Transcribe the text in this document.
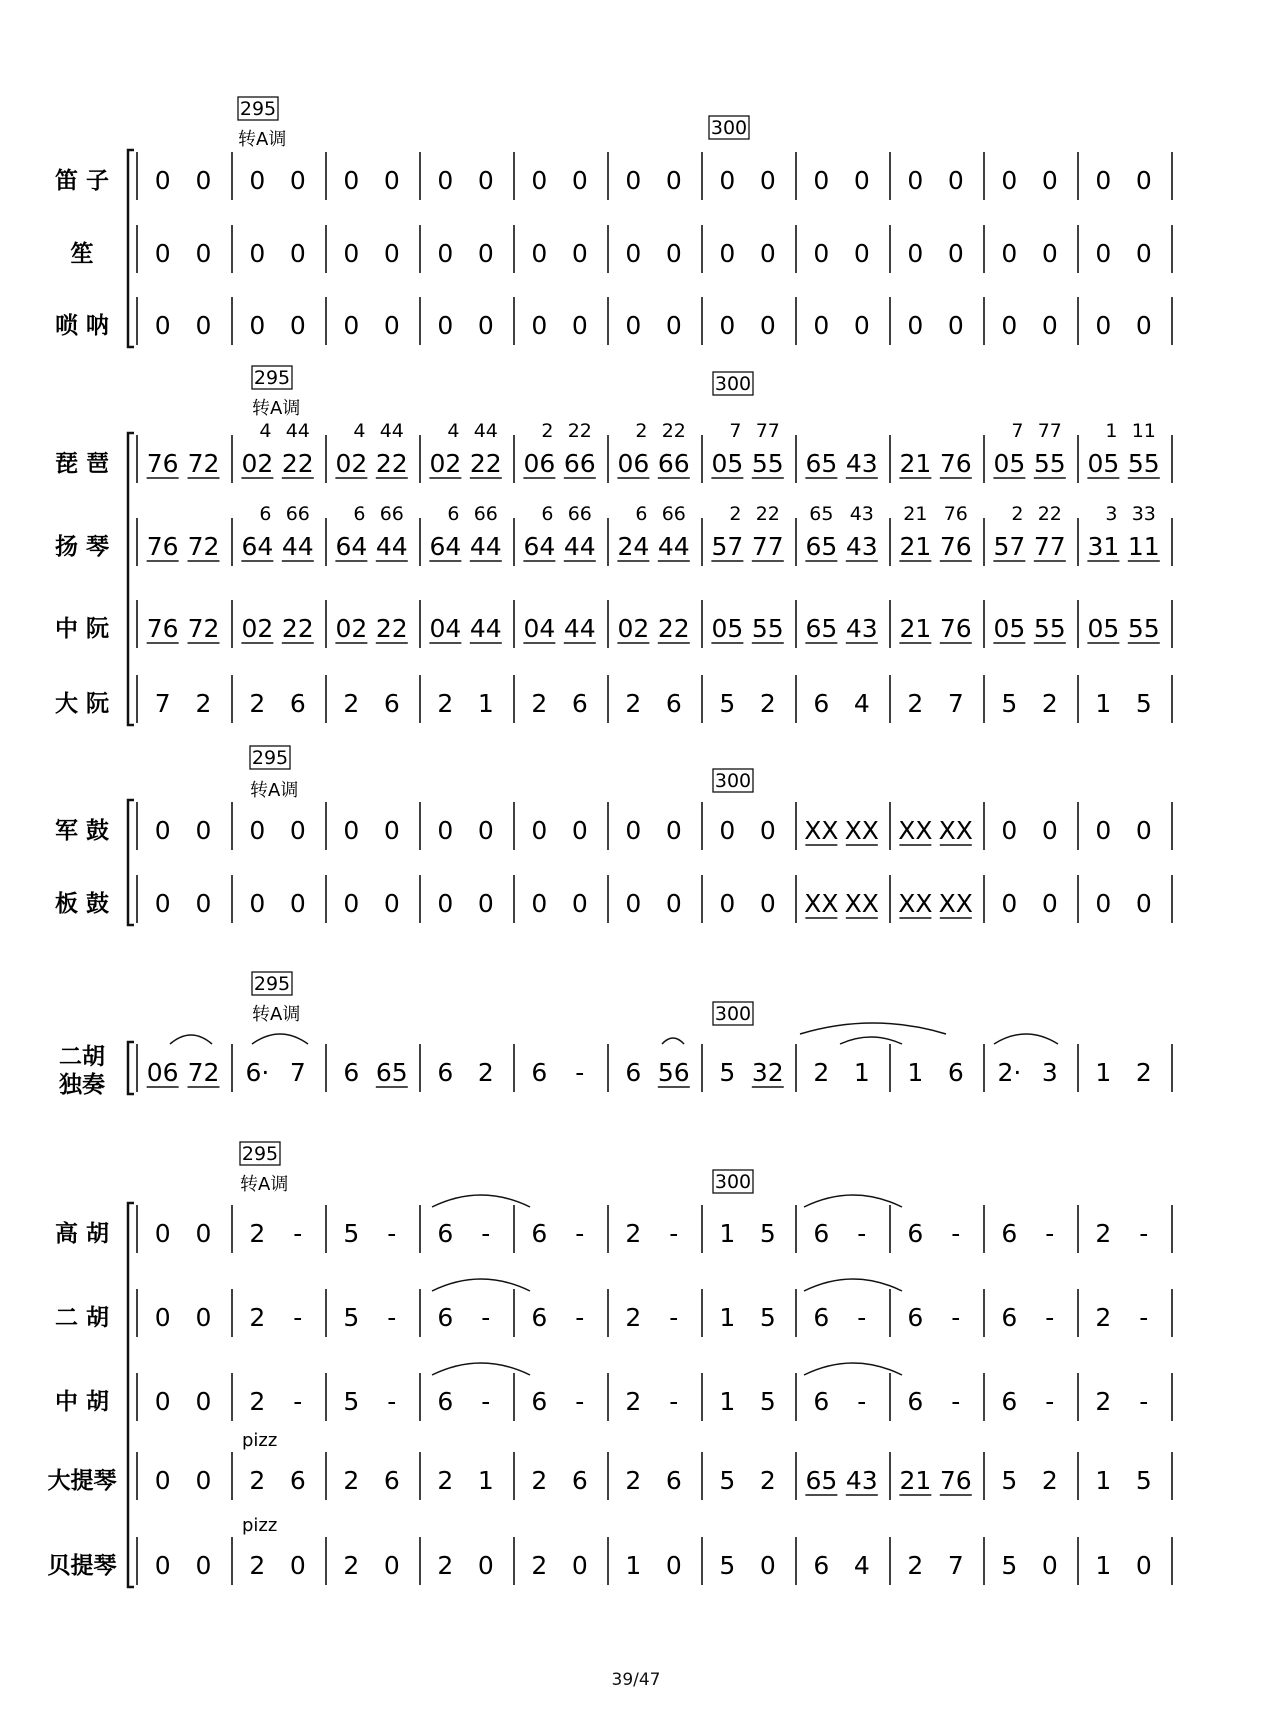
转A调
笛 子 0 0 0 0 0 0 0 0 0 0 0 0 0 0 0 0 0 0 0 0 0 0
笙 0 0 0 0 0 0 0 0 0 0 0 0 0 0 0 0 0 0 0 0 0 0
唢 呐 0 0 0 0 0 0 0 0 0 0 0 0 0 0 0 0 0 0 0 0 0 0
295
300
转A调
琵 琶 76 72 02
4
22
44
02
4
22
44
02
4
22
44
06
2
66
22
06
2
66
22
05
7
55
77
65 43 21 76 05
7
55
77
05
1
55
11
扬 琴 76 72 64
6
44
66
64
6
44
66
64
6
44
66
64
6
44
66
24
6
44
66
57
2
77
22
65
65
43
43
21
21
76
76
57
2
77
22
31
3
11
33
中 阮 76 72 02 22 02 22 04 44 04 44 02 22 05 55 65 43 21 76 05 55 05 55
大 阮 7 2 2 6 2 6 2 1 2 6 2 6 5 2 6 4 2 7 5 2 1 5
295	300
转A调
军 鼓 0 0 0 0 0 0 0 0 0 0 0 0 0 0 XX XX XX XX 0 0 0 0
板 鼓 0 0 0 0 0 0 0 0 0 0 0 0 0 0 XX XX XX XX 0 0 0 0
295
300
转A调
二胡
独奏 06 72 6· 7 6 65 6 2 6 - 6 56 5 32 2 1 1 6 2· 3 1 2
295
300
转A调
高 胡 0 0 2 - 5 - 6 - 6 - 2 - 1 5 6 - 6 - 6 - 2 -
二 胡 0 0 2 - 5 - 6 - 6 - 2 - 1 5 6 - 6 - 6 - 2 -
中 胡 0 0 2 - 5 - 6 - 6 - 2 - 1 5 6 - 6 - 6 - 2 -
大提琴 0 0 2 6 2 6 2 1 2 6 2 6 5 2 65 43 21 76 5 2 1 5
贝提琴 0 0 2 0 2 0 2 0 2 0 1 0 5 0 6 4 2 7 5 0 1 0
pizz
pizz
295
300
39/47
